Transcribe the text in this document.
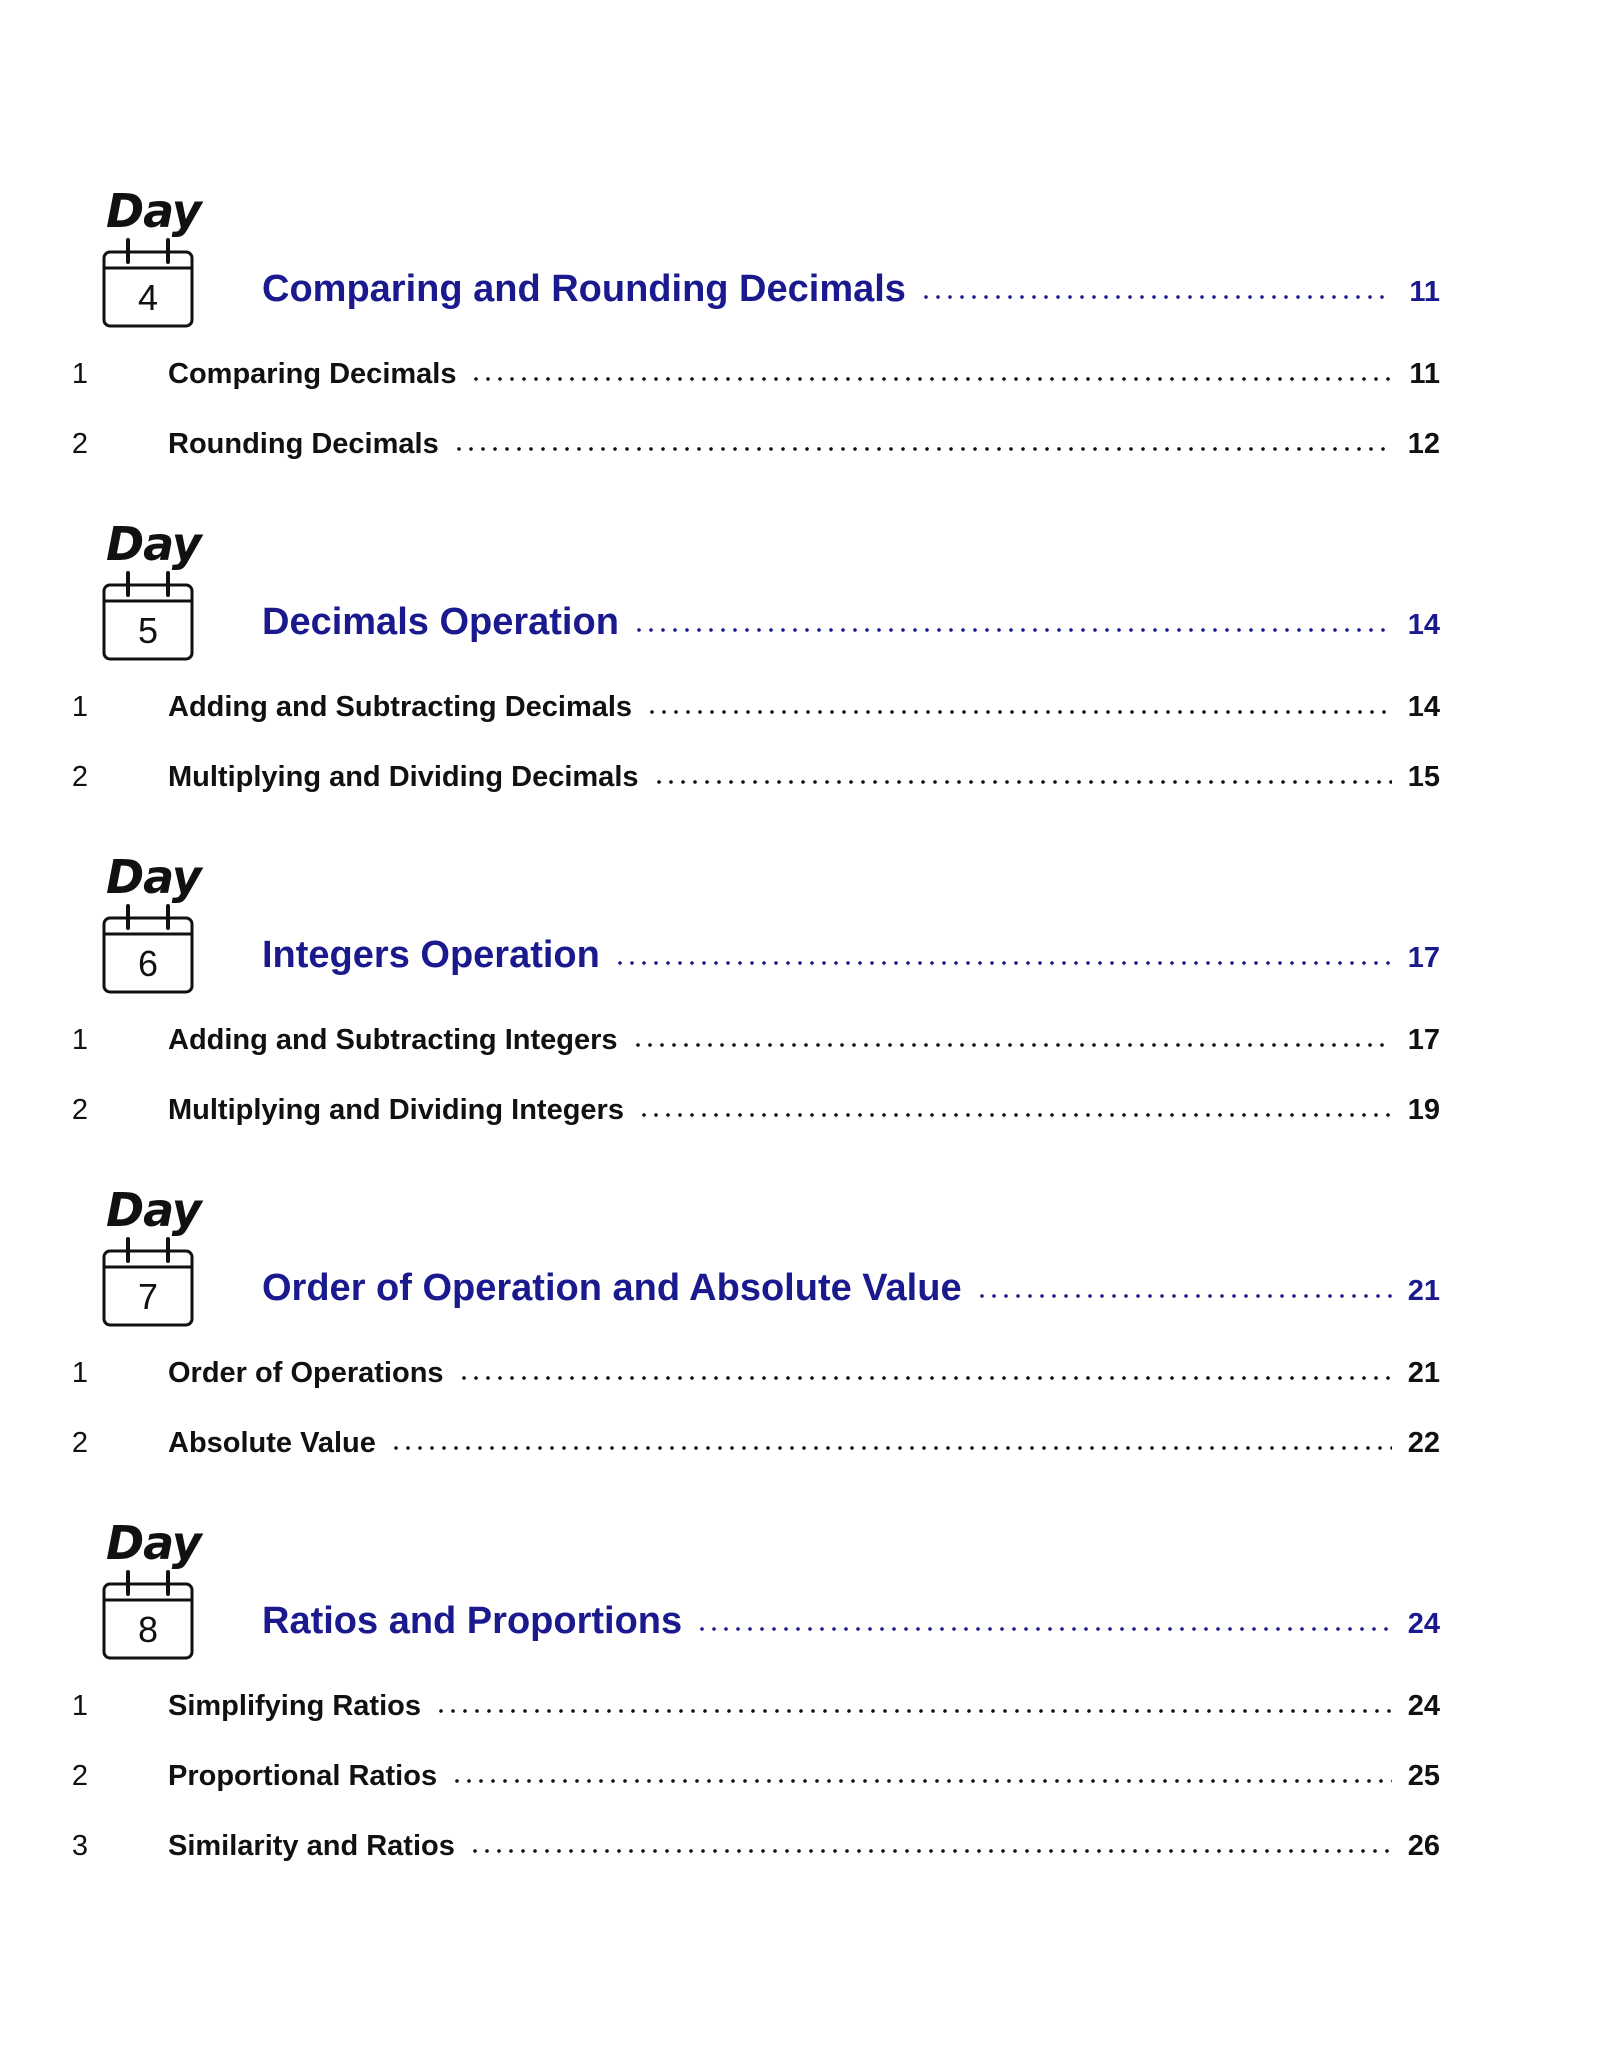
Day
4	Comparing and Rounding Decimals	11
1	Comparing Decimals	11
2	Rounding Decimals	12
Day
5	Decimals Operation	14
1	Adding and Subtracting Decimals	14
2	Multiplying and Dividing Decimals	15
Day
6	Integers Operation	17
1	Adding and Subtracting Integers	17
2	Multiplying and Dividing Integers	19
Day
7	Order of Operation and Absolute Value	21
1	Order of Operations	21
2	Absolute Value	22
Day
8	Ratios and Proportions	24
1	Simplifying Ratios	24
2	Proportional Ratios	25
3	Similarity and Ratios	26
